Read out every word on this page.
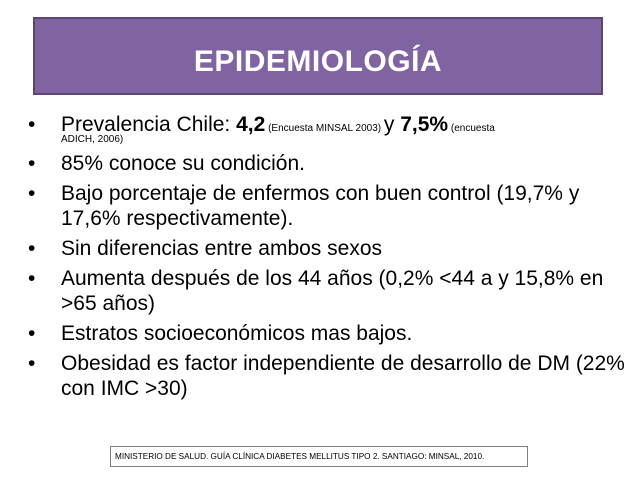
EPIDEMIOLOGÍA
• Prevalencia Chile: 4,2 (Encuesta MINSAL 2003) y 7,5% (encuesta
ADICH, 2006)
• 85% conoce su condición.
• Bajo porcentaje de enfermos con buen control (19,7% y 17,6% respectivamente).
• Sin diferencias entre ambos sexos
• Aumenta después de los 44 años (0,2% <44 a y 15,8% en >65 años)
• Estratos socioeconómicos mas bajos.
• Obesidad es factor independiente de desarrollo de DM (22% con IMC >30)
MINISTERIO DE SALUD. GUÍA CLÍNICA DIABETES MELLITUS TIPO 2. SANTIAGO: MINSAL, 2010.
